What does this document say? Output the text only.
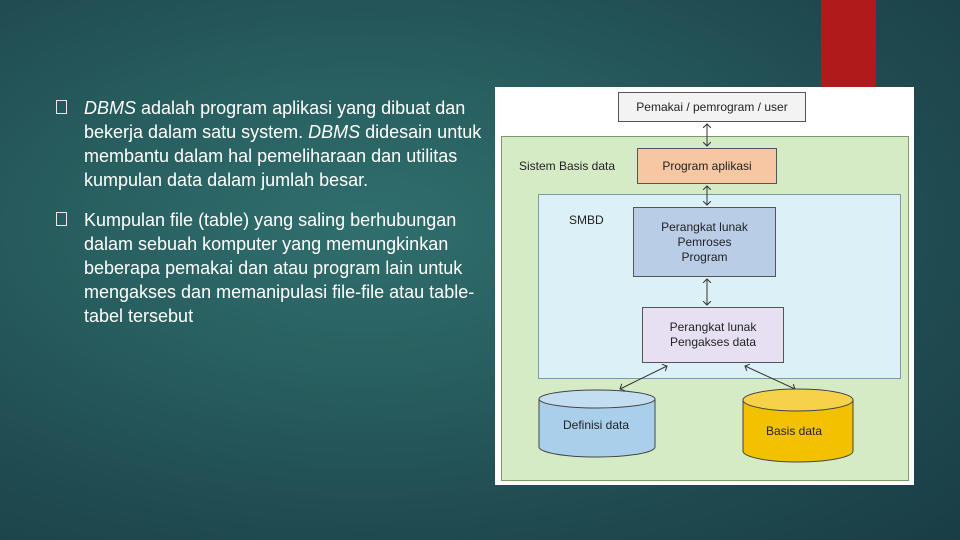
DBMS adalah program aplikasi yang dibuat dan bekerja dalam satu system. DBMS didesain untuk membantu dalam hal pemeliharaan dan utilitas kumpulan data dalam jumlah besar.
Kumpulan file (table) yang saling berhubungan dalam sebuah komputer yang memungkinkan beberapa pemakai dan atau program lain untuk mengakses dan memanipulasi file-file atau table-tabel tersebut
Sistem Basis data
SMBD
Pemakai / pemrogram / user
Program aplikasi
Perangkat lunak Pemroses Program
Perangkat lunak Pengakses data
Definisi data	Basis data
